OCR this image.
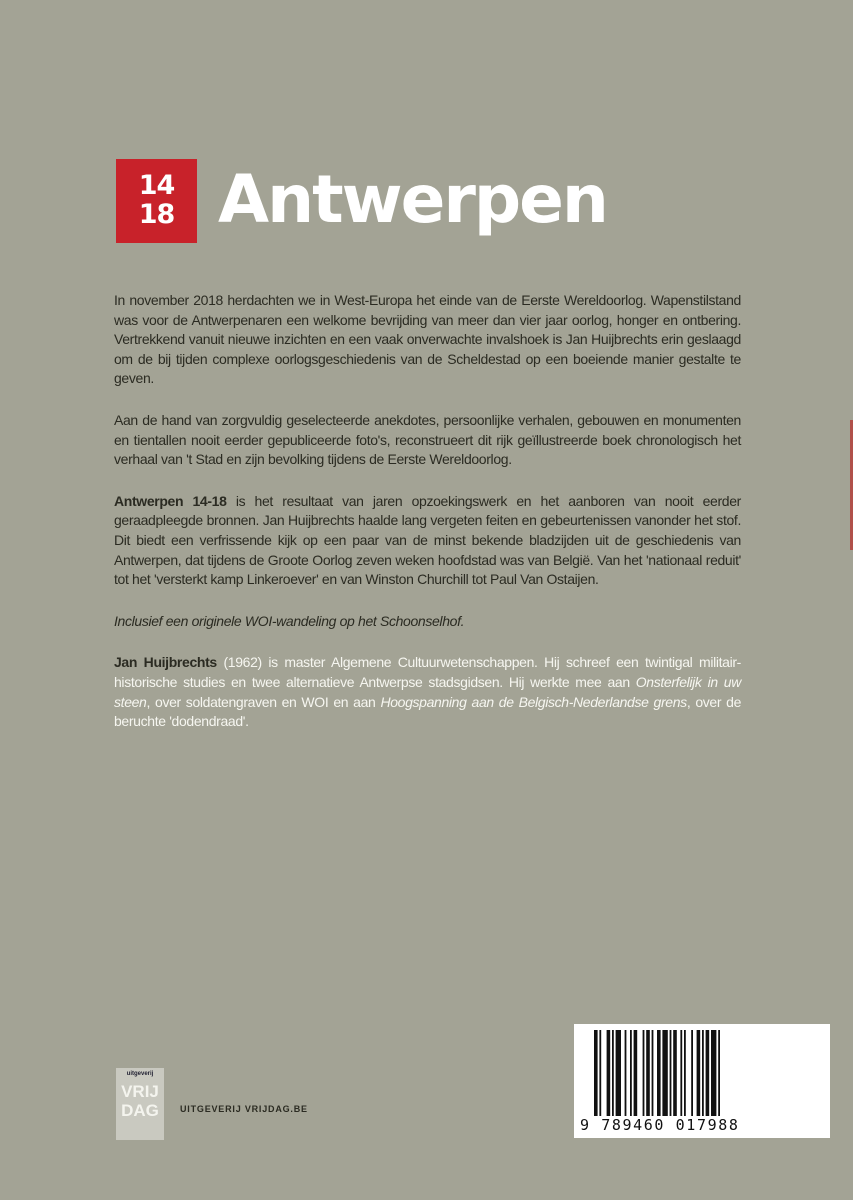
14
18 Antwerpen

In november 2018 herdachten we in West-Europa het einde van de Eerste Wereldoorlog. Wapenstilstand was voor de Antwerpenaren een welkome bevrijding van meer dan vier jaar oorlog, honger en ontbering. Vertrekkend vanuit nieuwe inzichten en een vaak onverwachte invalshoek is Jan Huijbrechts erin geslaagd om de bij tijden complexe oorlogsgeschiedenis van de Scheldestad op een boeiende manier gestalte te geven.

Aan de hand van zorgvuldig geselecteerde anekdotes, persoonlijke verhalen, gebouwen en monumenten en tientallen nooit eerder gepubliceerde foto's, reconstrueert dit rijk geïllustreerde boek chronologisch het verhaal van 't Stad en zijn bevolking tijdens de Eerste Wereldoorlog.

Antwerpen 14-18 is het resultaat van jaren opzoekingswerk en het aanboren van nooit eerder geraadpleegde bronnen. Jan Huijbrechts haalde lang vergeten feiten en gebeurtenissen vanonder het stof. Dit biedt een verfrissende kijk op een paar van de minst bekende bladzijden uit de geschiedenis van Antwerpen, dat tijdens de Groote Oorlog zeven weken hoofdstad was van België. Van het 'nationaal reduit' tot het 'versterkt kamp Linkeroever' en van Winston Churchill tot Paul Van Ostaijen.

Inclusief een originele WOI-wandeling op het Schoonselhof.

Jan Huijbrechts (1962) is master Algemene Cultuurwetenschappen. Hij schreef een twintigal militair-historische studies en twee alternatieve Antwerpse stadsgidsen. Hij werkte mee aan Onsterfelijk in uw steen, over soldatengraven en WOI en aan Hoogspanning aan de Belgisch-Nederlandse grens, over de beruchte 'dodendraad'.

uitgeverij
VRIJ
DAG	UITGEVERIJ VRIJDAG.BE
9 789460 017988
